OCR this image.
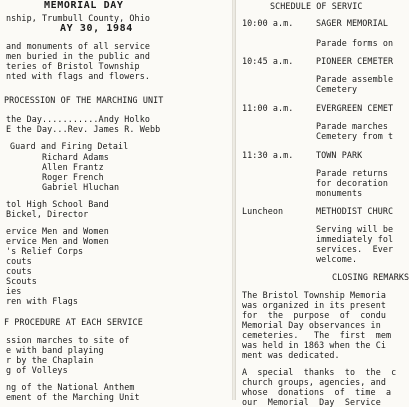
MEMORIAL DAY
nship, Trumbull County, Ohio
AY 30, 1984
and monuments of all service
men buried in the public and
teries of Bristol Township
nted with flags and flowers.
PROCESSION OF THE MARCHING UNIT
the Day...........Andy Holko
E the Day...Rev. James R. Webb
Guard and Firing Detail
Richard Adams
Allen Frantz
Roger French
Gabriel Hluchan
tol High School Band
Bickel, Director
ervice Men and Women
ervice Men and Women
's Relief Corps
couts
couts
Scouts
ies
ren with Flags
F PROCEDURE AT EACH SERVICE
ssion marches to site of
e with band playing
r by the Chaplain
g of Volleys
ng of the National Anthem
ement of the Marching Unit
SCHEDULE OF SERVIC
10:00 a.m.	SAGER MEMORIAL
Parade forms on
10:45 a.m.	PIONEER CEMETER
Parade assemble
Cemetery
11:00 a.m.	EVERGREEN CEMET
Parade marches
Cemetery from t
11:30 a.m.	TOWN PARK
Parade returns
for decoration
monuments
Luncheon	METHODIST CHURC
Serving will be
immediately fol
services.  Ever
welcome.
CLOSING REMARKS
The Bristol Township Memoria
was organized in its present
for  the  purpose  of  condu
Memorial Day observances in
cemeteries.   The  first  mem
was held in 1863 when the Ci
ment was dedicated.
A  special  thanks  to  the  c
church groups, agencies, and
whose  donations  of  time  a
our  Memorial  Day  Service
